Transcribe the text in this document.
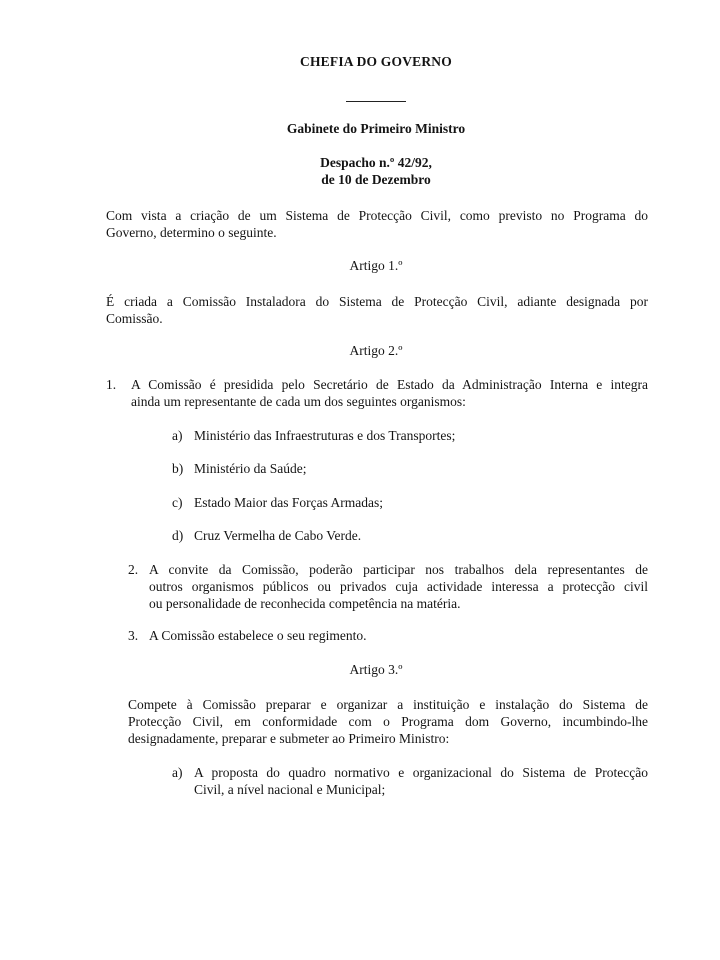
CHEFIA DO GOVERNO
Gabinete do Primeiro Ministro
Despacho n.º 42/92,
de 10 de Dezembro
Com vista a criação de um Sistema de Protecção Civil, como previsto no Programa do
Governo, determino o seguinte.
Artigo 1.º
É criada a Comissão Instaladora do Sistema de Protecção Civil, adiante designada por
Comissão.
Artigo 2.º
1. A Comissão é presidida pelo Secretário de Estado da Administração Interna e integra
ainda um representante de cada um dos seguintes organismos:
a) Ministério das Infraestruturas e dos Transportes;
b) Ministério da Saúde;
c) Estado Maior das Forças Armadas;
d) Cruz Vermelha de Cabo Verde.
2. A convite da Comissão, poderão participar nos trabalhos dela representantes de
outros organismos públicos ou privados cuja actividade interessa a protecção civil
ou personalidade de reconhecida competência na matéria.
3. A Comissão estabelece o seu regimento.
Artigo 3.º
Compete à Comissão preparar e organizar a instituição e instalação do Sistema de
Protecção Civil, em conformidade com o Programa dom Governo, incumbindo-lhe
designadamente, preparar e submeter ao Primeiro Ministro:
a) A proposta do quadro normativo e organizacional do Sistema de Protecção
Civil, a nível nacional e Municipal;
